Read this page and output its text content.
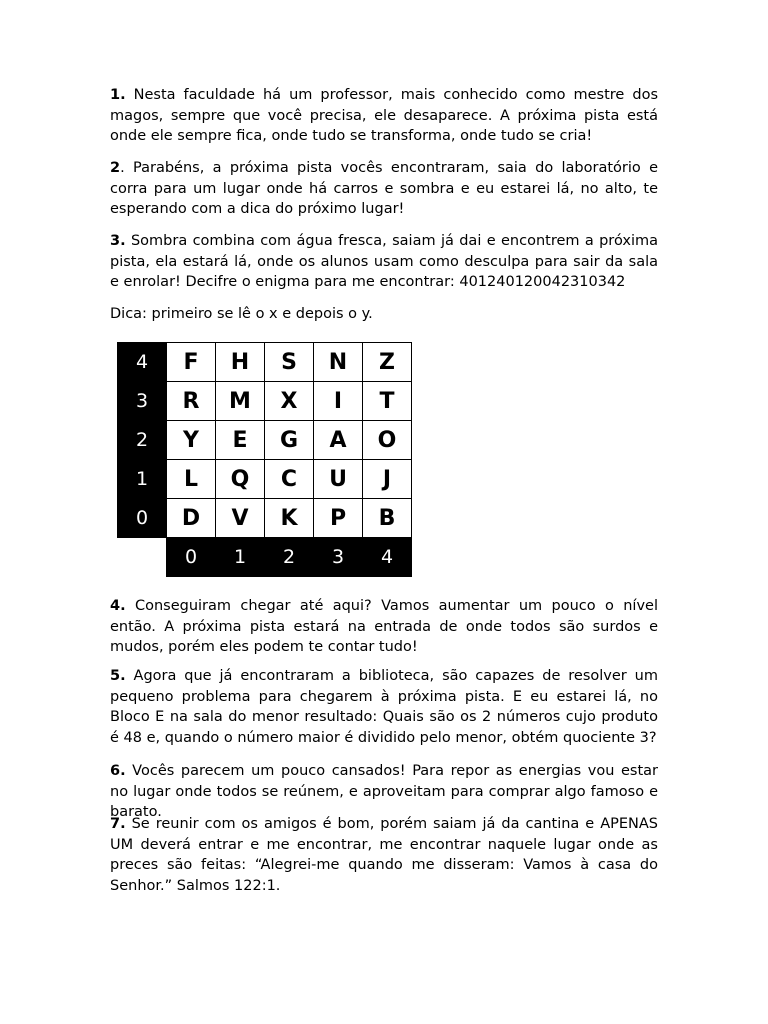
1. Nesta faculdade há um professor, mais conhecido como mestre dos magos, sempre que você precisa, ele desaparece. A próxima pista está onde ele sempre fica, onde tudo se transforma, onde tudo se cria!

2. Parabéns, a próxima pista vocês encontraram, saia do laboratório e corra para um lugar onde há carros e sombra e eu estarei lá, no alto, te esperando com a dica do próximo lugar!

3. Sombra combina com água fresca, saiam já dai e encontrem a próxima pista, ela estará lá, onde os alunos usam como desculpa para sair da sala e enrolar! Decifre o enigma para me encontrar: 401240120042310342

Dica: primeiro se lê o x e depois o y.

4	F	H	S	N	Z
3	R	M	X	I	T
2	Y	E	G	A	O
1	L	Q	C	U	J
0	D	V	K	P	B
	0	1	2	3	4

4. Conseguiram chegar até aqui? Vamos aumentar um pouco o nível então. A próxima pista estará na entrada de onde todos são surdos e mudos, porém eles podem te contar tudo!

5. Agora que já encontraram a biblioteca, são capazes de resolver um pequeno problema para chegarem à próxima pista. E eu estarei lá, no Bloco E na sala do menor resultado: Quais são os 2 números cujo produto é 48 e, quando o número maior é dividido pelo menor, obtém quociente 3?

6. Vocês parecem um pouco cansados! Para repor as energias vou estar no lugar onde todos se reúnem, e aproveitam para comprar algo famoso e barato.

7. Se reunir com os amigos é bom, porém saiam já da cantina e APENAS UM deverá entrar e me encontrar, me encontrar naquele lugar onde as preces são feitas: “Alegrei-me quando me disseram: Vamos à casa do Senhor.” Salmos 122:1.
